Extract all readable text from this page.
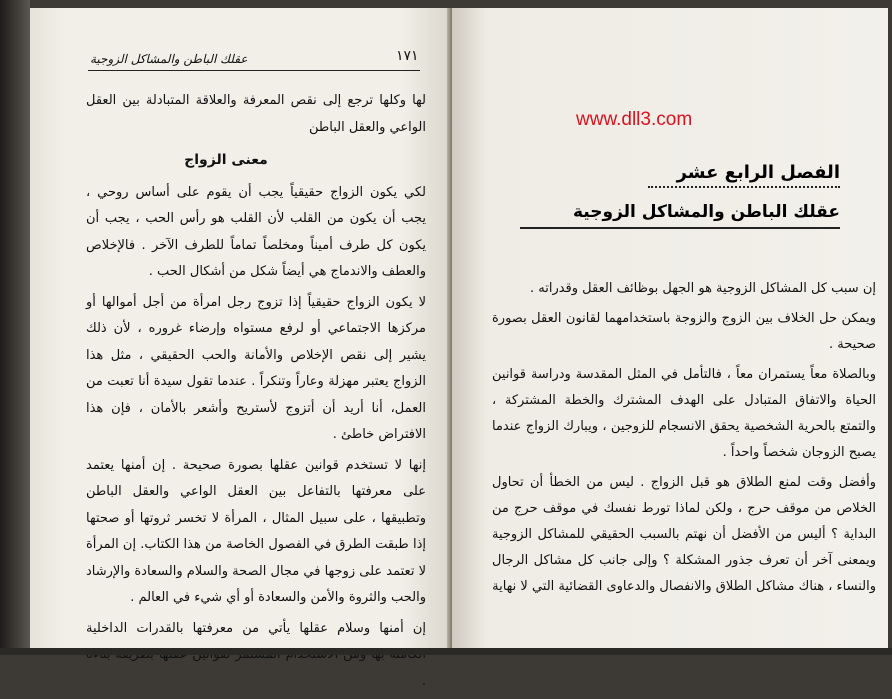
عقلك الباطن والمشاكل الزوجية	١٧١

لها وكلها ترجع إلى نقص المعرفة والعلاقة المتبادلة بين العقل الواعي والعقل الباطن

معنى الزواج

لكي يكون الزواج حقيقياً يجب أن يقوم على أساس روحي ، يجب أن يكون من القلب لأن القلب هو رأس الحب ، يجب أن يكون كل طرف أميناً ومخلصاً تماماً للطرف الآخر . فالإخلاص والعطف والاندماج هي أيضاً شكل من أشكال الحب .

لا يكون الزواج حقيقياً إذا تزوج رجل امرأة من أجل أموالها أو مركزها الاجتماعي أو لرفع مستواه وإرضاء غروره ، لأن ذلك يشير إلى نقص الإخلاص والأمانة والحب الحقيقي ، مثل هذا الزواج يعتبر مهزلة وعاراً وتنكراً . عندما تقول سيدة أنا تعبت من العمل، أنا أريد أن أتزوج لأستريح وأشعر بالأمان ، فإن هذا الافتراض خاطئ .

إنها لا تستخدم قوانين عقلها بصورة صحيحة . إن أمنها يعتمد على معرفتها بالتفاعل بين العقل الواعي والعقل الباطن وتطبيقها ، على سبيل المثال ، المرأة لا تخسر ثروتها أو صحتها إذا طبقت الطرق في الفصول الخاصة من هذا الكتاب. إن المرأة لا تعتمد على زوجها في مجال الصحة والسلام والسعادة والإرشاد والحب والثروة والأمن والسعادة أو أي شيء في العالم .

إن أمنها وسلام عقلها يأتي من معرفتها بالقدرات الداخلية .

إن سبب كل المشاكل الزوجية هو الجهل بوظائف العقل وقدراته .

ويمكن حل الخلاف بين الزوج والزوجة باستخدامهما لقانون العقل بصورة صحيحة .

وبالصلاة معاً يستمران معاً ، فالتأمل في المثل المقدسة ودراسة قوانين الحياة والاتفاق المتبادل على الهدف المشترك والخطة المشتركة ، والتمتع بالحرية الشخصية يحقق الانسجام للزوجين ، ويبارك الزواج عندما يصبح الزوجان شخصاً واحداً .

وأفضل وقت لمنع الطلاق هو قبل الزواج . ليس من الخطأ أن تحاول الخلاص من موقف حرج ، ولكن لماذا تورط نفسك في موقف حرج من البداية ؟ أليس من الأفضل أن نهتم بالسبب الحقيقي للمشاكل الزوجية ويمعنى آخر أن تعرف جذور المشكلة ؟ وإلى جانب كل مشاكل الرجال والنساء ، هناك مشاكل الطلاق والانفصال والدعاوى القضائية التي لا نهاية

الفصل الرابع عشر
عقلك الباطن والمشاكل الزوجية
www.dll3.com
